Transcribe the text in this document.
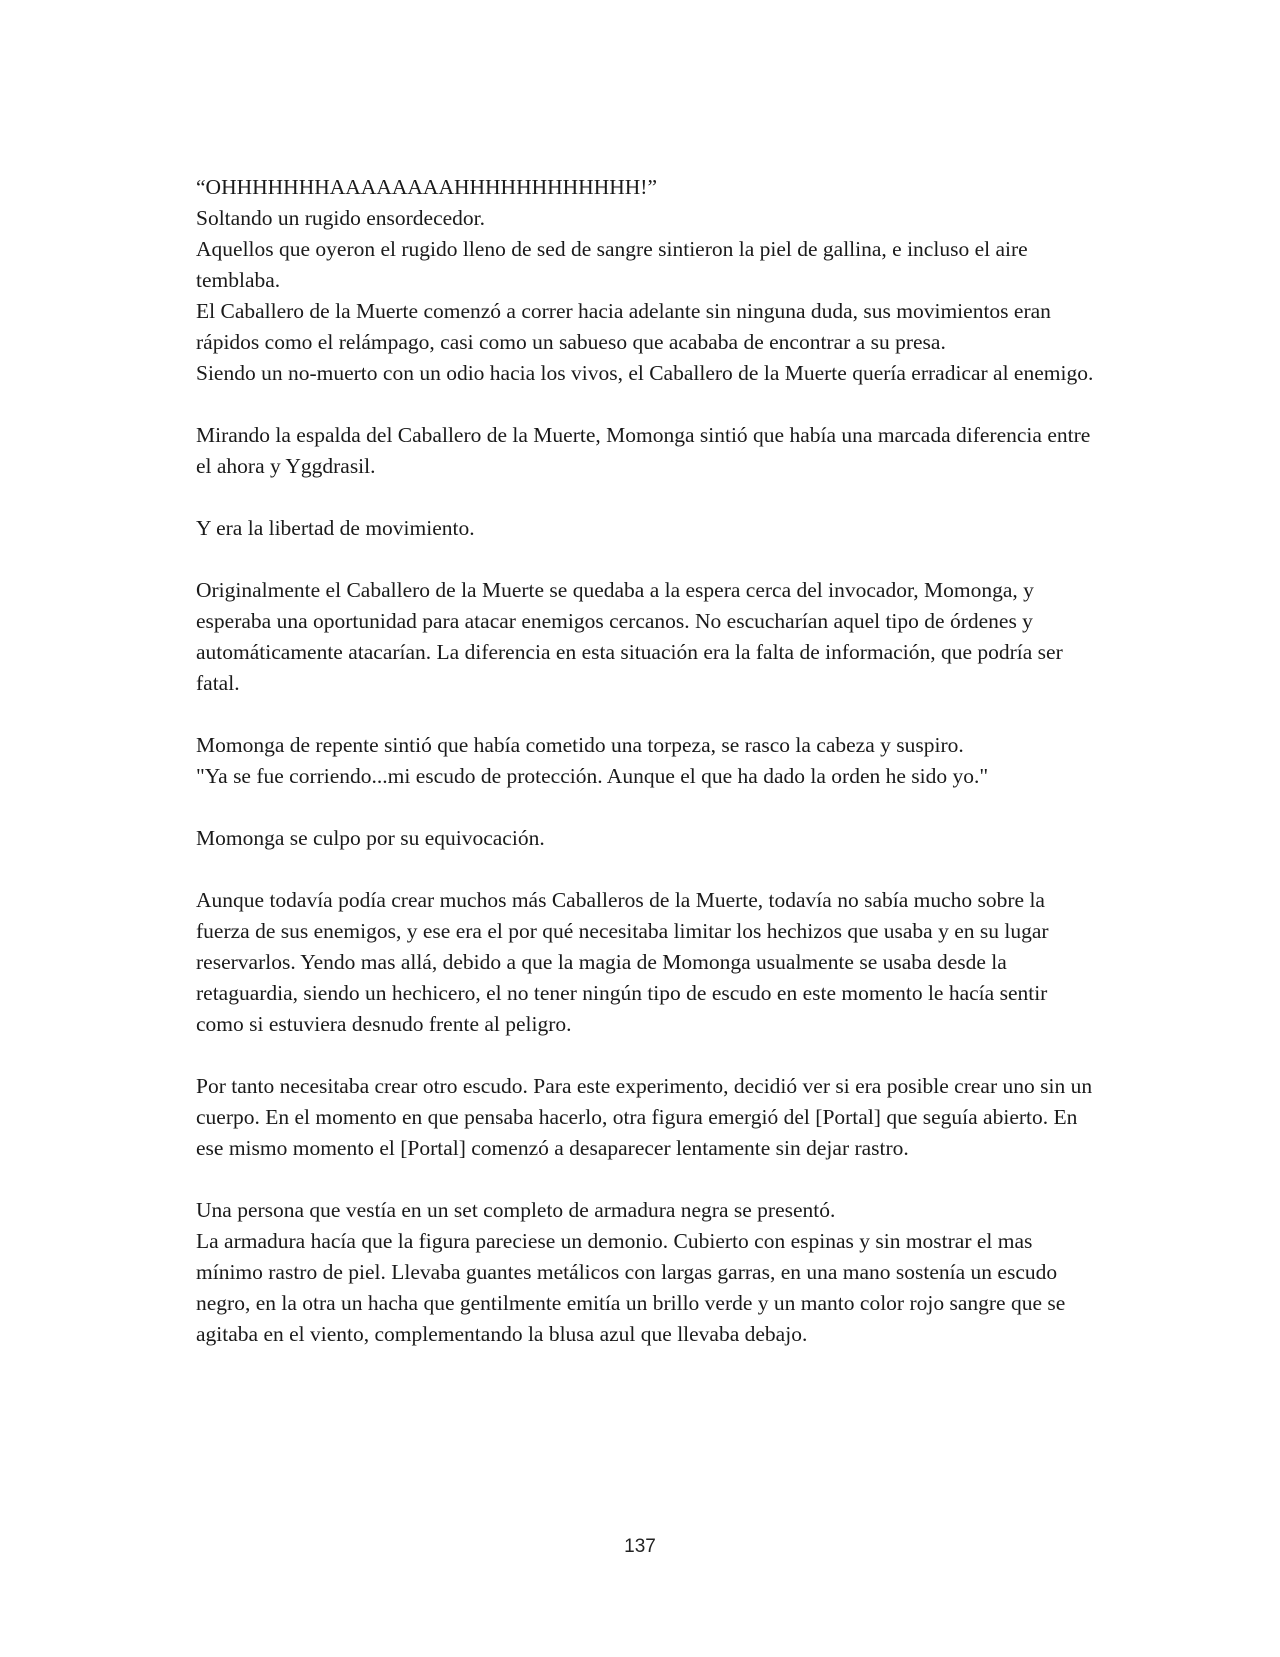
“OHHHHHHHAAAAAAAAHHHHHHHHHHHH!”

Soltando un rugido ensordecedor.

Aquellos que oyeron el rugido lleno de sed de sangre sintieron la piel de gallina, e incluso el aire temblaba.

El Caballero de la Muerte comenzó a correr hacia adelante sin ninguna duda, sus movimientos eran rápidos como el relámpago, casi como un sabueso que acababa de encontrar a su presa.

Siendo un no-muerto con un odio hacia los vivos, el Caballero de la Muerte quería erradicar al enemigo.

Mirando la espalda del Caballero de la Muerte, Momonga sintió que había una marcada diferencia entre el ahora y Yggdrasil.

Y era la libertad de movimiento.

Originalmente el Caballero de la Muerte se quedaba a la espera cerca del invocador, Momonga, y esperaba una oportunidad para atacar enemigos cercanos. No escucharían aquel tipo de órdenes y automáticamente atacarían. La diferencia en esta situación era la falta de información, que podría ser fatal.

Momonga de repente sintió que había cometido una torpeza, se rasco la cabeza y suspiro.

"Ya se fue corriendo...mi escudo de protección. Aunque el que ha dado la orden he sido yo."

Momonga se culpo por su equivocación.

Aunque todavía podía crear muchos más Caballeros de la Muerte, todavía no sabía mucho sobre la fuerza de sus enemigos, y ese era el por qué necesitaba limitar los hechizos que usaba y en su lugar reservarlos. Yendo mas allá, debido a que la magia de Momonga usualmente se usaba desde la retaguardia, siendo un hechicero, el no tener ningún tipo de escudo en este momento le hacía sentir como si estuviera desnudo frente al peligro.

Por tanto necesitaba crear otro escudo. Para este experimento, decidió ver si era posible crear uno sin un cuerpo. En el momento en que pensaba hacerlo, otra figura emergió del [Portal] que seguía abierto. En ese mismo momento el [Portal] comenzó a desaparecer lentamente sin dejar rastro.

Una persona que vestía en un set completo de armadura negra se presentó.

La armadura hacía que la figura pareciese un demonio. Cubierto con espinas y sin mostrar el mas mínimo rastro de piel. Llevaba guantes metálicos con largas garras, en una mano sostenía un escudo negro, en la otra un hacha que gentilmente emitía un brillo verde y un manto color rojo sangre que se agitaba en el viento, complementando la blusa azul que llevaba debajo.

137
